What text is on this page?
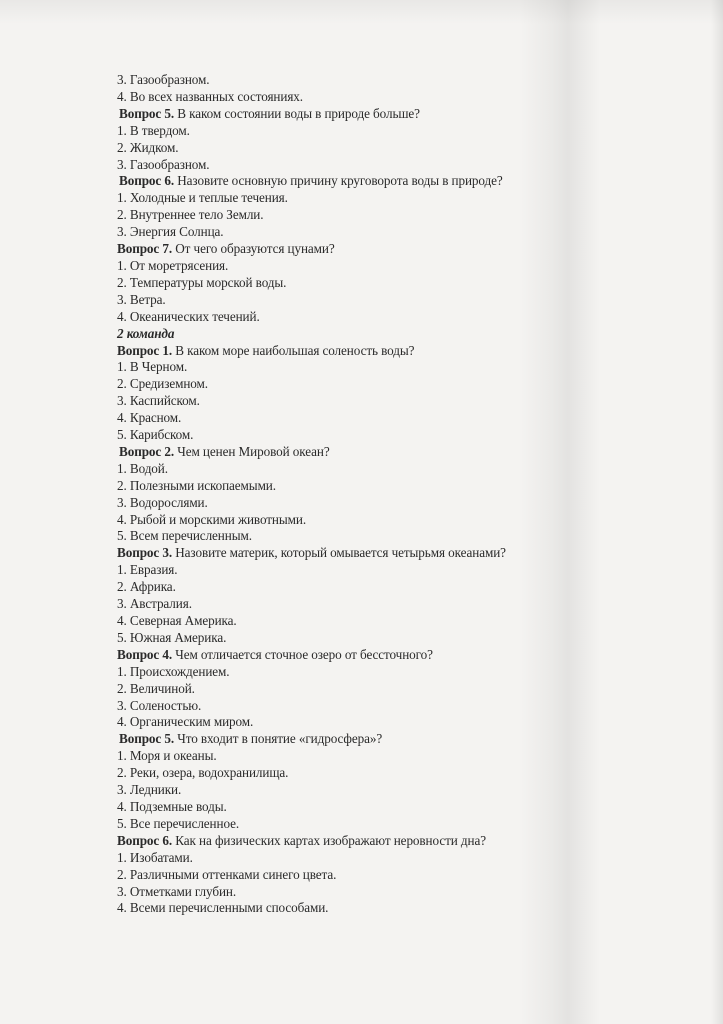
3. Газообразном.
4. Во всех названных состояниях.
Вопрос 5. В каком состоянии воды в природе больше?
1. В твердом.
2. Жидком.
3. Газообразном.
Вопрос 6. Назовите основную причину круговорота воды в природе?
1. Холодные и теплые течения.
2. Внутреннее тело Земли.
3. Энергия Солнца.
Вопрос 7. От чего образуются цунами?
1. От моретрясения.
2. Температуры морской воды.
3. Ветра.
4. Океанических течений.
2 команда
Вопрос 1. В каком море наибольшая соленость воды?
1. В Черном.
2. Средиземном.
3. Каспийском.
4. Красном.
5. Карибском.
Вопрос 2. Чем ценен Мировой океан?
1. Водой.
2. Полезными ископаемыми.
3. Водорослями.
4. Рыбой и морскими животными.
5. Всем перечисленным.
Вопрос 3. Назовите материк, который омывается четырьмя океанами?
1. Евразия.
2. Африка.
3. Австралия.
4. Северная Америка.
5. Южная Америка.
Вопрос 4. Чем отличается сточное озеро от бессточного?
1. Происхождением.
2. Величиной.
3. Соленостью.
4. Органическим миром.
Вопрос 5. Что входит в понятие «гидросфера»?
1. Моря и океаны.
2. Реки, озера, водохранилища.
3. Ледники.
4. Подземные воды.
5. Все перечисленное.
Вопрос 6. Как на физических картах изображают неровности дна?
1. Изобатами.
2. Различными оттенками синего цвета.
3. Отметками глубин.
4. Всеми перечисленными способами.
